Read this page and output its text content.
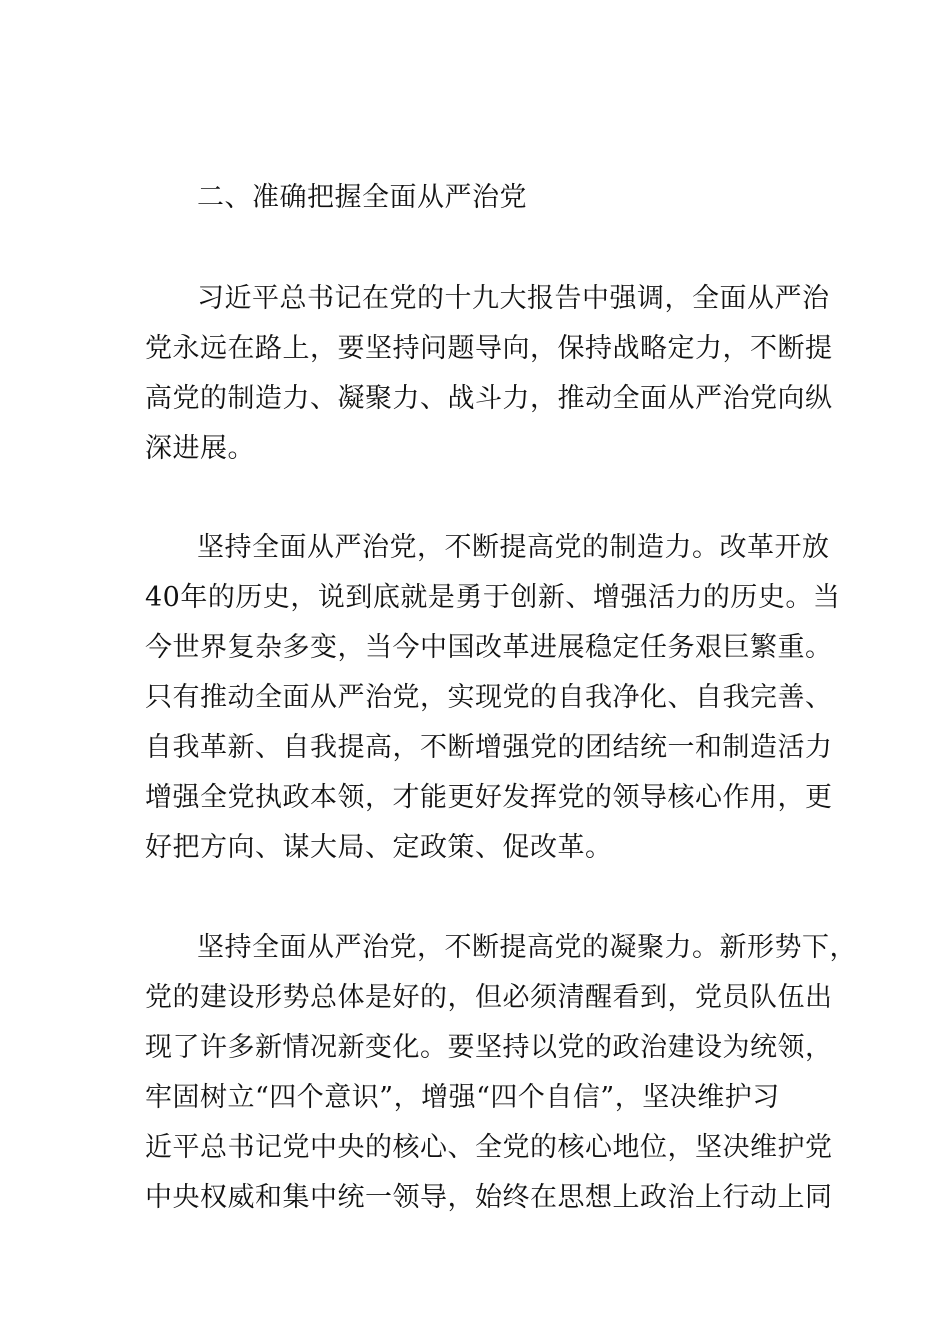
二、准确把握全面从严治党
习近平总书记在党的十九大报告中强调，全面从严治
党永远在路上，要坚持问题导向，保持战略定力，不断提
高党的制造力、凝聚力、战斗力，推动全面从严治党向纵
深进展。
坚持全面从严治党，不断提高党的制造力。改革开放
40年的历史，说到底就是勇于创新、增强活力的历史。当
今世界复杂多变，当今中国改革进展稳定任务艰巨繁重。
只有推动全面从严治党，实现党的自我净化、自我完善、
自我革新、自我提高，不断增强党的团结统一和制造活力
增强全党执政本领，才能更好发挥党的领导核心作用，更
好把方向、谋大局、定政策、促改革。
坚持全面从严治党，不断提高党的凝聚力。新形势下，
党的建设形势总体是好的，但必须清醒看到，党员队伍出
现了许多新情况新变化。要坚持以党的政治建设为统领，
牢固树立“四个意识”，增强“四个自信”，坚决维护习
近平总书记党中央的核心、全党的核心地位，坚决维护党
中央权威和集中统一领导，始终在思想上政治上行动上同
